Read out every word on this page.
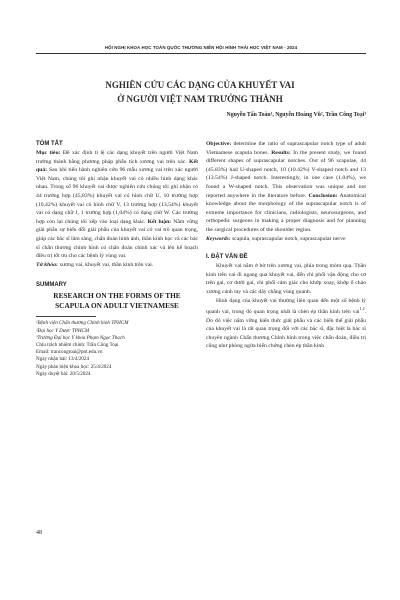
HỘI NGHỊ KHOA HỌC TOÀN QUỐC THƯỜNG NIÊN HỘI HÌNH THÁI HỌC VIỆT NAM - 2024
NGHIÊN CỨU CÁC DẠNG CỦA KHUYẾT VAI
Ở NGƯỜI VIỆT NAM TRƯỞNG THÀNH
Nguyễn Tấn Toàn¹, Nguyễn Hoàng Vũ², Trần Công Toại³
TÓM TẮT

Mục tiêu: Đề xác định tỉ lệ các dạng khuyết trên người Việt Nam trưởng thành bằng phương pháp phẫu tích xương vai trên xác. Kết quả: Sau khi tiến hành nghiên cứu 96 mẫu xương vai trên xác người Việt Nam, chúng tôi ghi nhận khuyết vai có nhiều hình dạng khác nhau. Trong số 96 khuyết vai được nghiên cứu chúng tôi ghi nhận có 44 trường hợp (45,83%) khuyết vai có hình chữ U, 10 trường hợp (10,42%) khuyết vai có hình chữ V, 13 trường hợp (13,54%) khuyết vai có dạng chữ J, 1 trường hợp (1,04%) có dạng chữ W. Các trường hợp còn lại chúng tôi xếp vào loại dạng khác. Kết luận: Nắm vững giải phẫu sự biến đổi giải phẫu của khuyết vai có vai trò quan trọng, giúp các bác sĩ lâm sàng, chẩn đoán hình ảnh, thần kinh học và các bác sĩ chấn thương chỉnh hình có chẩn đoán chính xác và lên kế hoạch điều trị tốt ưu cho các bệnh lý vùng vai.

Từ khóa: xương vai, khuyết vai, thần kinh trên vai.

SUMMARY
RESEARCH ON THE FORMS OF THE SCAPULA ON ADULT VIETNAMESE
¹Bệnh viện Chấn thương Chỉnh hình TPHCM
²Đại học Y Dược TPHCM
³Trường Đại học Y khoa Phạm Ngọc Thạch
Chịu trách nhiệm chính: Trần Công Toại
Email: trancongtoai@pnt.edu.vn
Ngày nhận bài: 13/4/2024
Ngày phản biện khoa học: 25/4/2024
Ngày duyệt bài: 20/5/2024

Objective: determine the ratio of suprascapular notch type of adult Vietnamese scapula bones. Results: In the present study, we found different shapes of suprascapular notches. Out of 96 scapulae, 44 (45.83%) had U-shaped notch, 10 (10.42%) V-shaped notch and 13 (13.54%) J-shaped notch. Interestingly, in one case (1.04%), we found a W-shaped notch. This observation was unique and not reported anywhere in the literature before. Conclusion: Anatomical knowledge about the morphology of the suprascapular notch is of extreme importance for clinicians, radiologists, neurosurgeons, and orthopedic surgeons in making a proper diagnosis and for planning the surgical procedures of the shoulder region.

Keywords: scapula, suprascapular notch, suprascapular nerve

I. ĐẶT VẤN ĐỀ

Khuyết vai nằm ở bờ trên xương vai, phía trong mỏm quạ. Thần kinh trên vai đi ngang qua khuyết vai, đến chi phối vận động cho cơ trên gai, cơ dưới gai, chi phối cảm giác cho khớp xoay, khớp ổ chảo xương cánh tay và các dây chằng vùng quanh.

Hình dạng của khuyết vai thường liên quan đến một số bệnh lý quanh vai, trong đó quan trọng nhất là chèn ép thần kinh trên vai$^{1,2}$. Do đó việc nắm vững kiến thức giải phẫu và các biến thể giải phẫu của khuyết vai là rất quan trọng đối với các bác sĩ, đặc biệt là bác sĩ chuyên ngành Chấn thương Chỉnh hình trong việc chẩn đoán, điều trị cũng như phòng ngừa biến chứng chèn ép thần kinh

48
